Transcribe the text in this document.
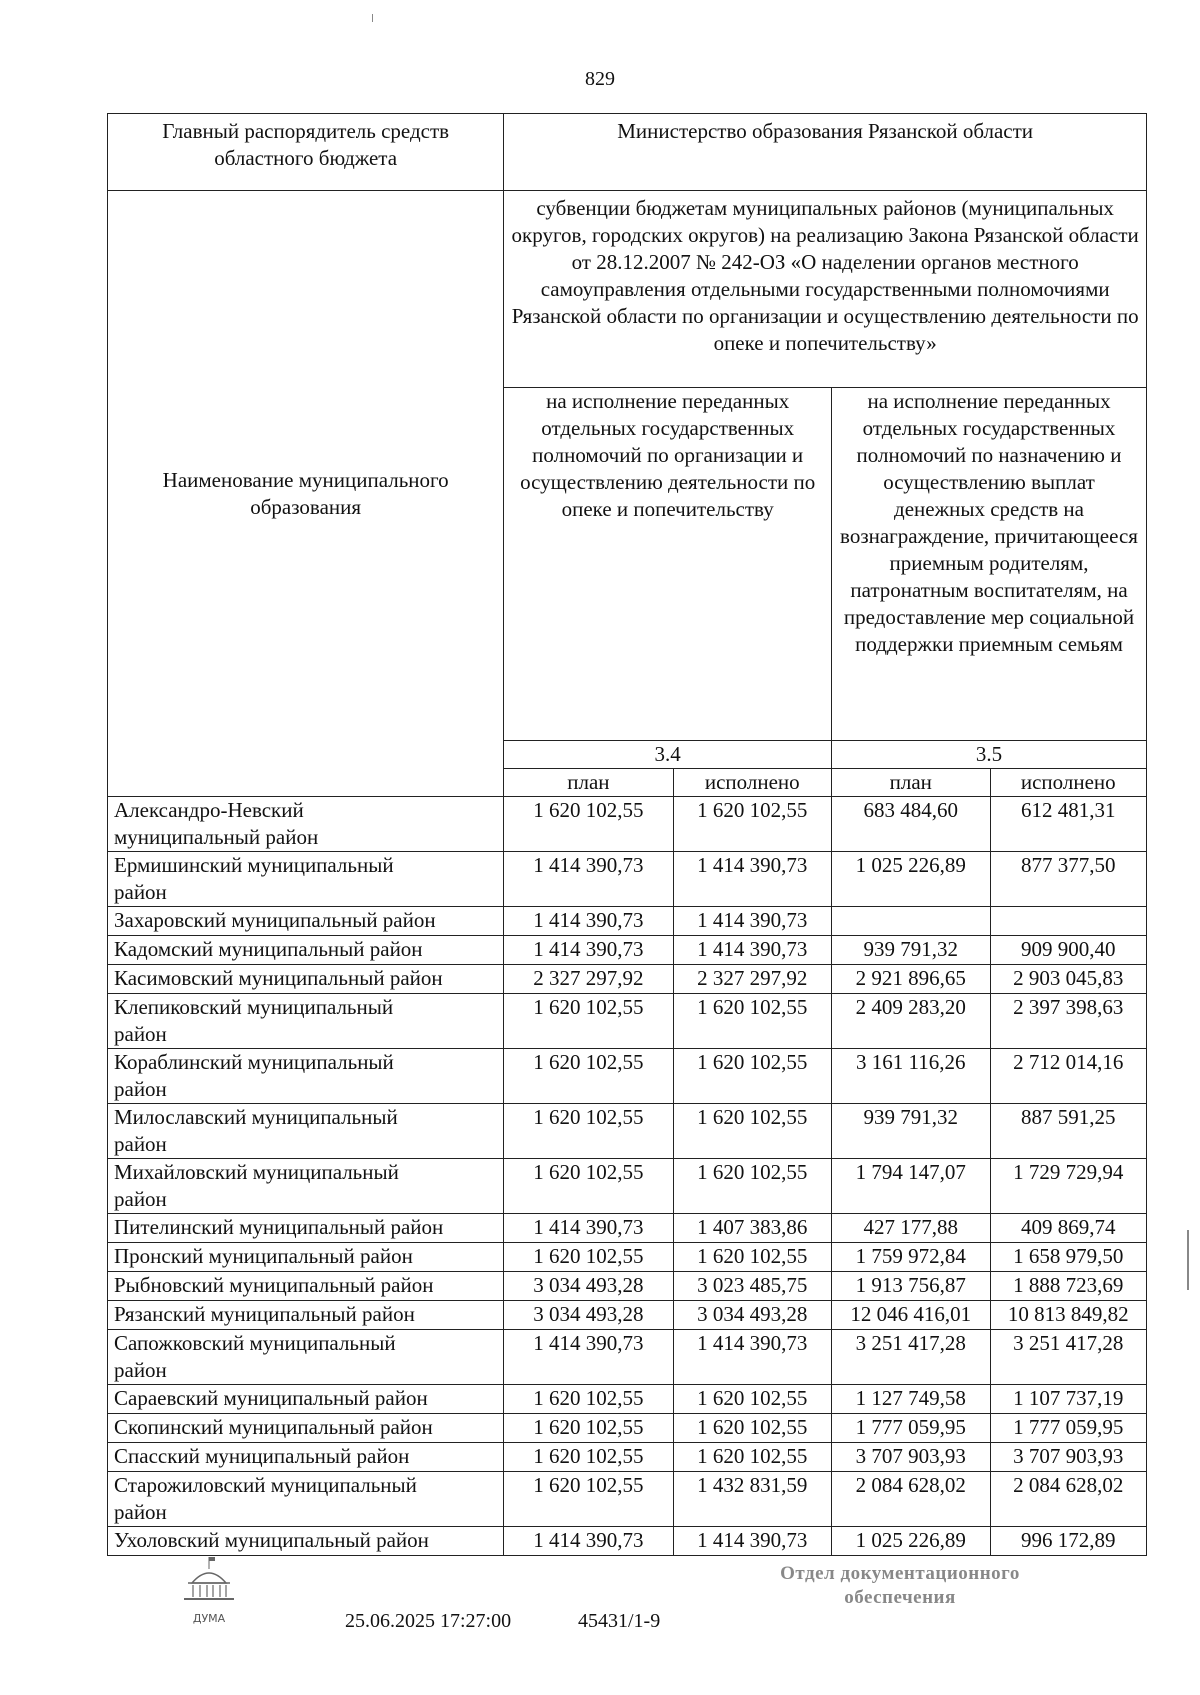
829
Главный распорядитель средств областного бюджета	Министерство образования Рязанской области			
Наименование муниципального образования	субвенции бюджетам муниципальных районов (муниципальных округов, городских округов) на реализацию Закона Рязанской области от 28.12.2007 № 242-ОЗ «О наделении органов местного самоуправления отдельными государственными полномочиями Рязанской области по организации и осуществлению деятельности по опеке и попечительству»			
	на исполнение переданных отдельных государственных полномочий по организации и осуществлению деятельности по опеке и попечительству		на исполнение переданных отдельных государственных полномочий по назначению и осуществлению выплат денежных средств на вознаграждение, причитающееся приемным родителям, патронатным воспитателям, на предоставление мер социальной поддержки приемным семьям	
	3.4		3.5	
	план	исполнено	план	исполнено
Александро-Невский
муниципальный район	1 620 102,55	1 620 102,55	683 484,60	612 481,31
Ермишинский муниципальный
район	1 414 390,73	1 414 390,73	1 025 226,89	877 377,50
Захаровский муниципальный район	1 414 390,73	1 414 390,73		
Кадомский муниципальный район	1 414 390,73	1 414 390,73	939 791,32	909 900,40
Касимовский муниципальный район	2 327 297,92	2 327 297,92	2 921 896,65	2 903 045,83
Клепиковский муниципальный
район	1 620 102,55	1 620 102,55	2 409 283,20	2 397 398,63
Кораблинский муниципальный
район	1 620 102,55	1 620 102,55	3 161 116,26	2 712 014,16
Милославский муниципальный
район	1 620 102,55	1 620 102,55	939 791,32	887 591,25
Михайловский муниципальный
район	1 620 102,55	1 620 102,55	1 794 147,07	1 729 729,94
Пителинский муниципальный район	1 414 390,73	1 407 383,86	427 177,88	409 869,74
Пронский муниципальный район	1 620 102,55	1 620 102,55	1 759 972,84	1 658 979,50
Рыбновский муниципальный район	3 034 493,28	3 023 485,75	1 913 756,87	1 888 723,69
Рязанский муниципальный район	3 034 493,28	3 034 493,28	12 046 416,01	10 813 849,82
Сапожковский муниципальный
район	1 414 390,73	1 414 390,73	3 251 417,28	3 251 417,28
Сараевский муниципальный район	1 620 102,55	1 620 102,55	1 127 749,58	1 107 737,19
Скопинский муниципальный район	1 620 102,55	1 620 102,55	1 777 059,95	1 777 059,95
Спасский муниципальный район	1 620 102,55	1 620 102,55	3 707 903,93	3 707 903,93
Старожиловский муниципальный
район	1 620 102,55	1 432 831,59	2 084 628,02	2 084 628,02
Ухоловский муниципальный район	1 414 390,73	1 414 390,73	1 025 226,89	996 172,89
ДУМА	25.06.2025 17:27:00	45431/1-9
Отдел документационного
обеспечения
